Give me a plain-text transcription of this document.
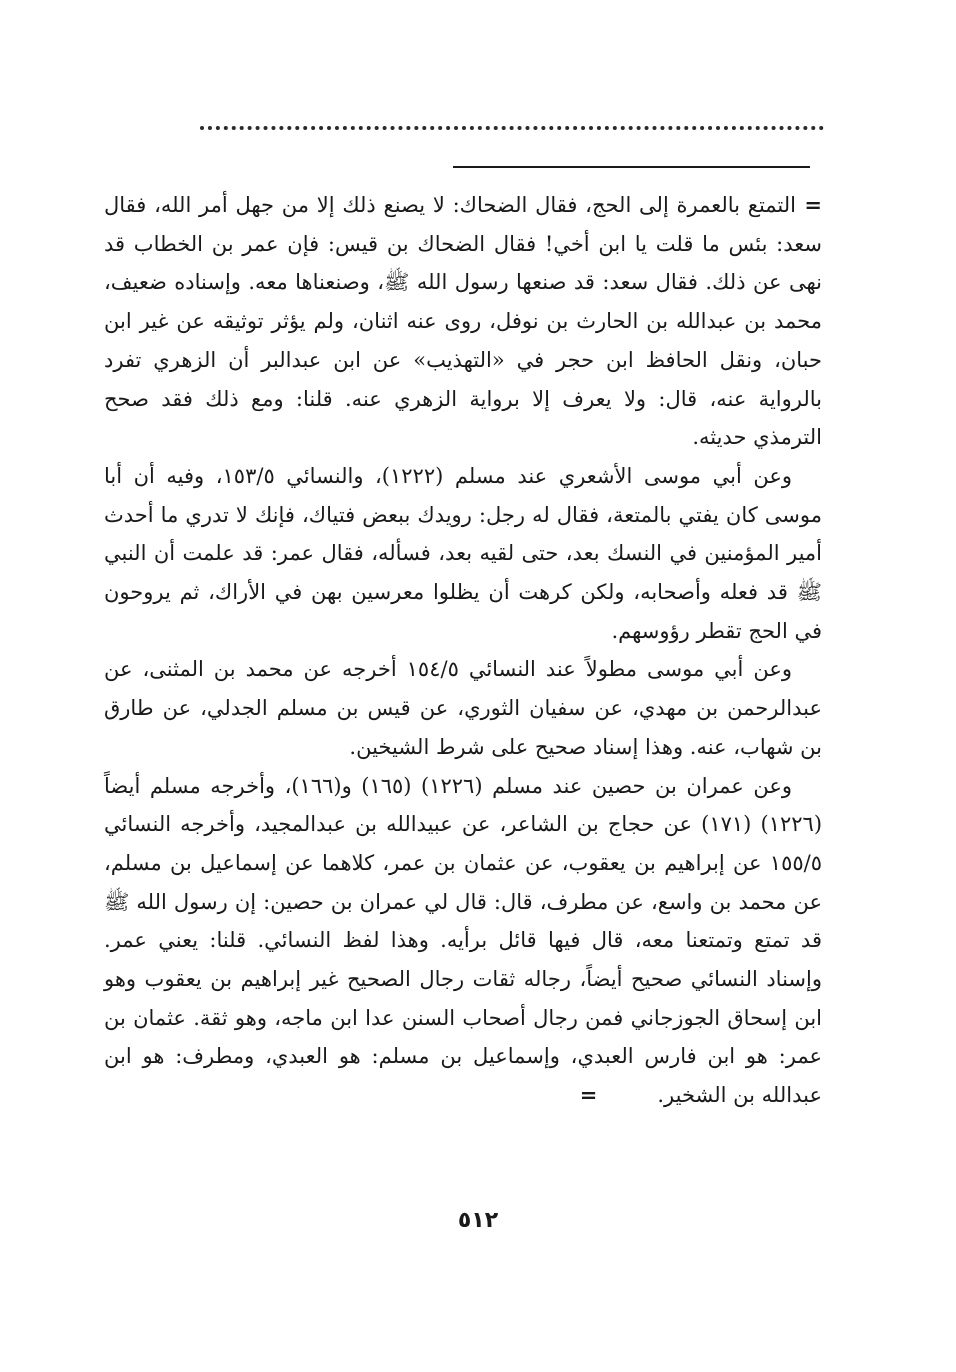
= التمتع بالعمرة إلى الحج، فقال الضحاك: لا يصنع ذلك إلا من جهل أمر الله، فقال سعد: بئس ما قلت يا ابن أخي! فقال الضحاك بن قيس: فإن عمر بن الخطاب قد نهى عن ذلك. فقال سعد: قد صنعها رسول الله ﷺ، وصنعناها معه. وإسناده ضعيف، محمد بن عبدالله بن الحارث بن نوفل، روى عنه اثنان، ولم يؤثر توثيقه عن غير ابن حبان، ونقل الحافظ ابن حجر في «التهذيب» عن ابن عبدالبر أن الزهري تفرد بالرواية عنه، قال: ولا يعرف إلا برواية الزهري عنه. قلنا: ومع ذلك فقد صحح الترمذي حديثه.

وعن أبي موسى الأشعري عند مسلم (١٢٢٢)، والنسائي ١٥٣/٥، وفيه أن أبا موسى كان يفتي بالمتعة، فقال له رجل: رويدك ببعض فتياك، فإنك لا تدري ما أحدث أمير المؤمنين في النسك بعد، حتى لقيه بعد، فسأله، فقال عمر: قد علمت أن النبي ﷺ قد فعله وأصحابه، ولكن كرهت أن يظلوا معرسين بهن في الأراك، ثم يروحون في الحج تقطر رؤوسهم.

وعن أبي موسى مطولاً عند النسائي ١٥٤/٥ أخرجه عن محمد بن المثنى، عن عبدالرحمن بن مهدي، عن سفيان الثوري، عن قيس بن مسلم الجدلي، عن طارق بن شهاب، عنه. وهذا إسناد صحيح على شرط الشيخين.

وعن عمران بن حصين عند مسلم (١٢٢٦) (١٦٥) و(١٦٦)، وأخرجه مسلم أيضاً (١٢٢٦) (١٧١) عن حجاج بن الشاعر، عن عبيدالله بن عبدالمجيد، وأخرجه النسائي ١٥٥/٥ عن إبراهيم بن يعقوب، عن عثمان بن عمر، كلاهما عن إسماعيل بن مسلم، عن محمد بن واسع، عن مطرف، قال: قال لي عمران بن حصين: إن رسول الله ﷺ قد تمتع وتمتعنا معه، قال فيها قائل برأيه. وهذا لفظ النسائي. قلنا: يعني عمر. وإسناد النسائي صحيح أيضاً، رجاله ثقات رجال الصحيح غير إبراهيم بن يعقوب وهو ابن إسحاق الجوزجاني فمن رجال أصحاب السنن عدا ابن ماجه، وهو ثقة. عثمان بن عمر: هو ابن فارس العبدي، وإسماعيل بن مسلم: هو العبدي، ومطرف: هو ابن عبدالله بن الشخير.=

٥١٢
